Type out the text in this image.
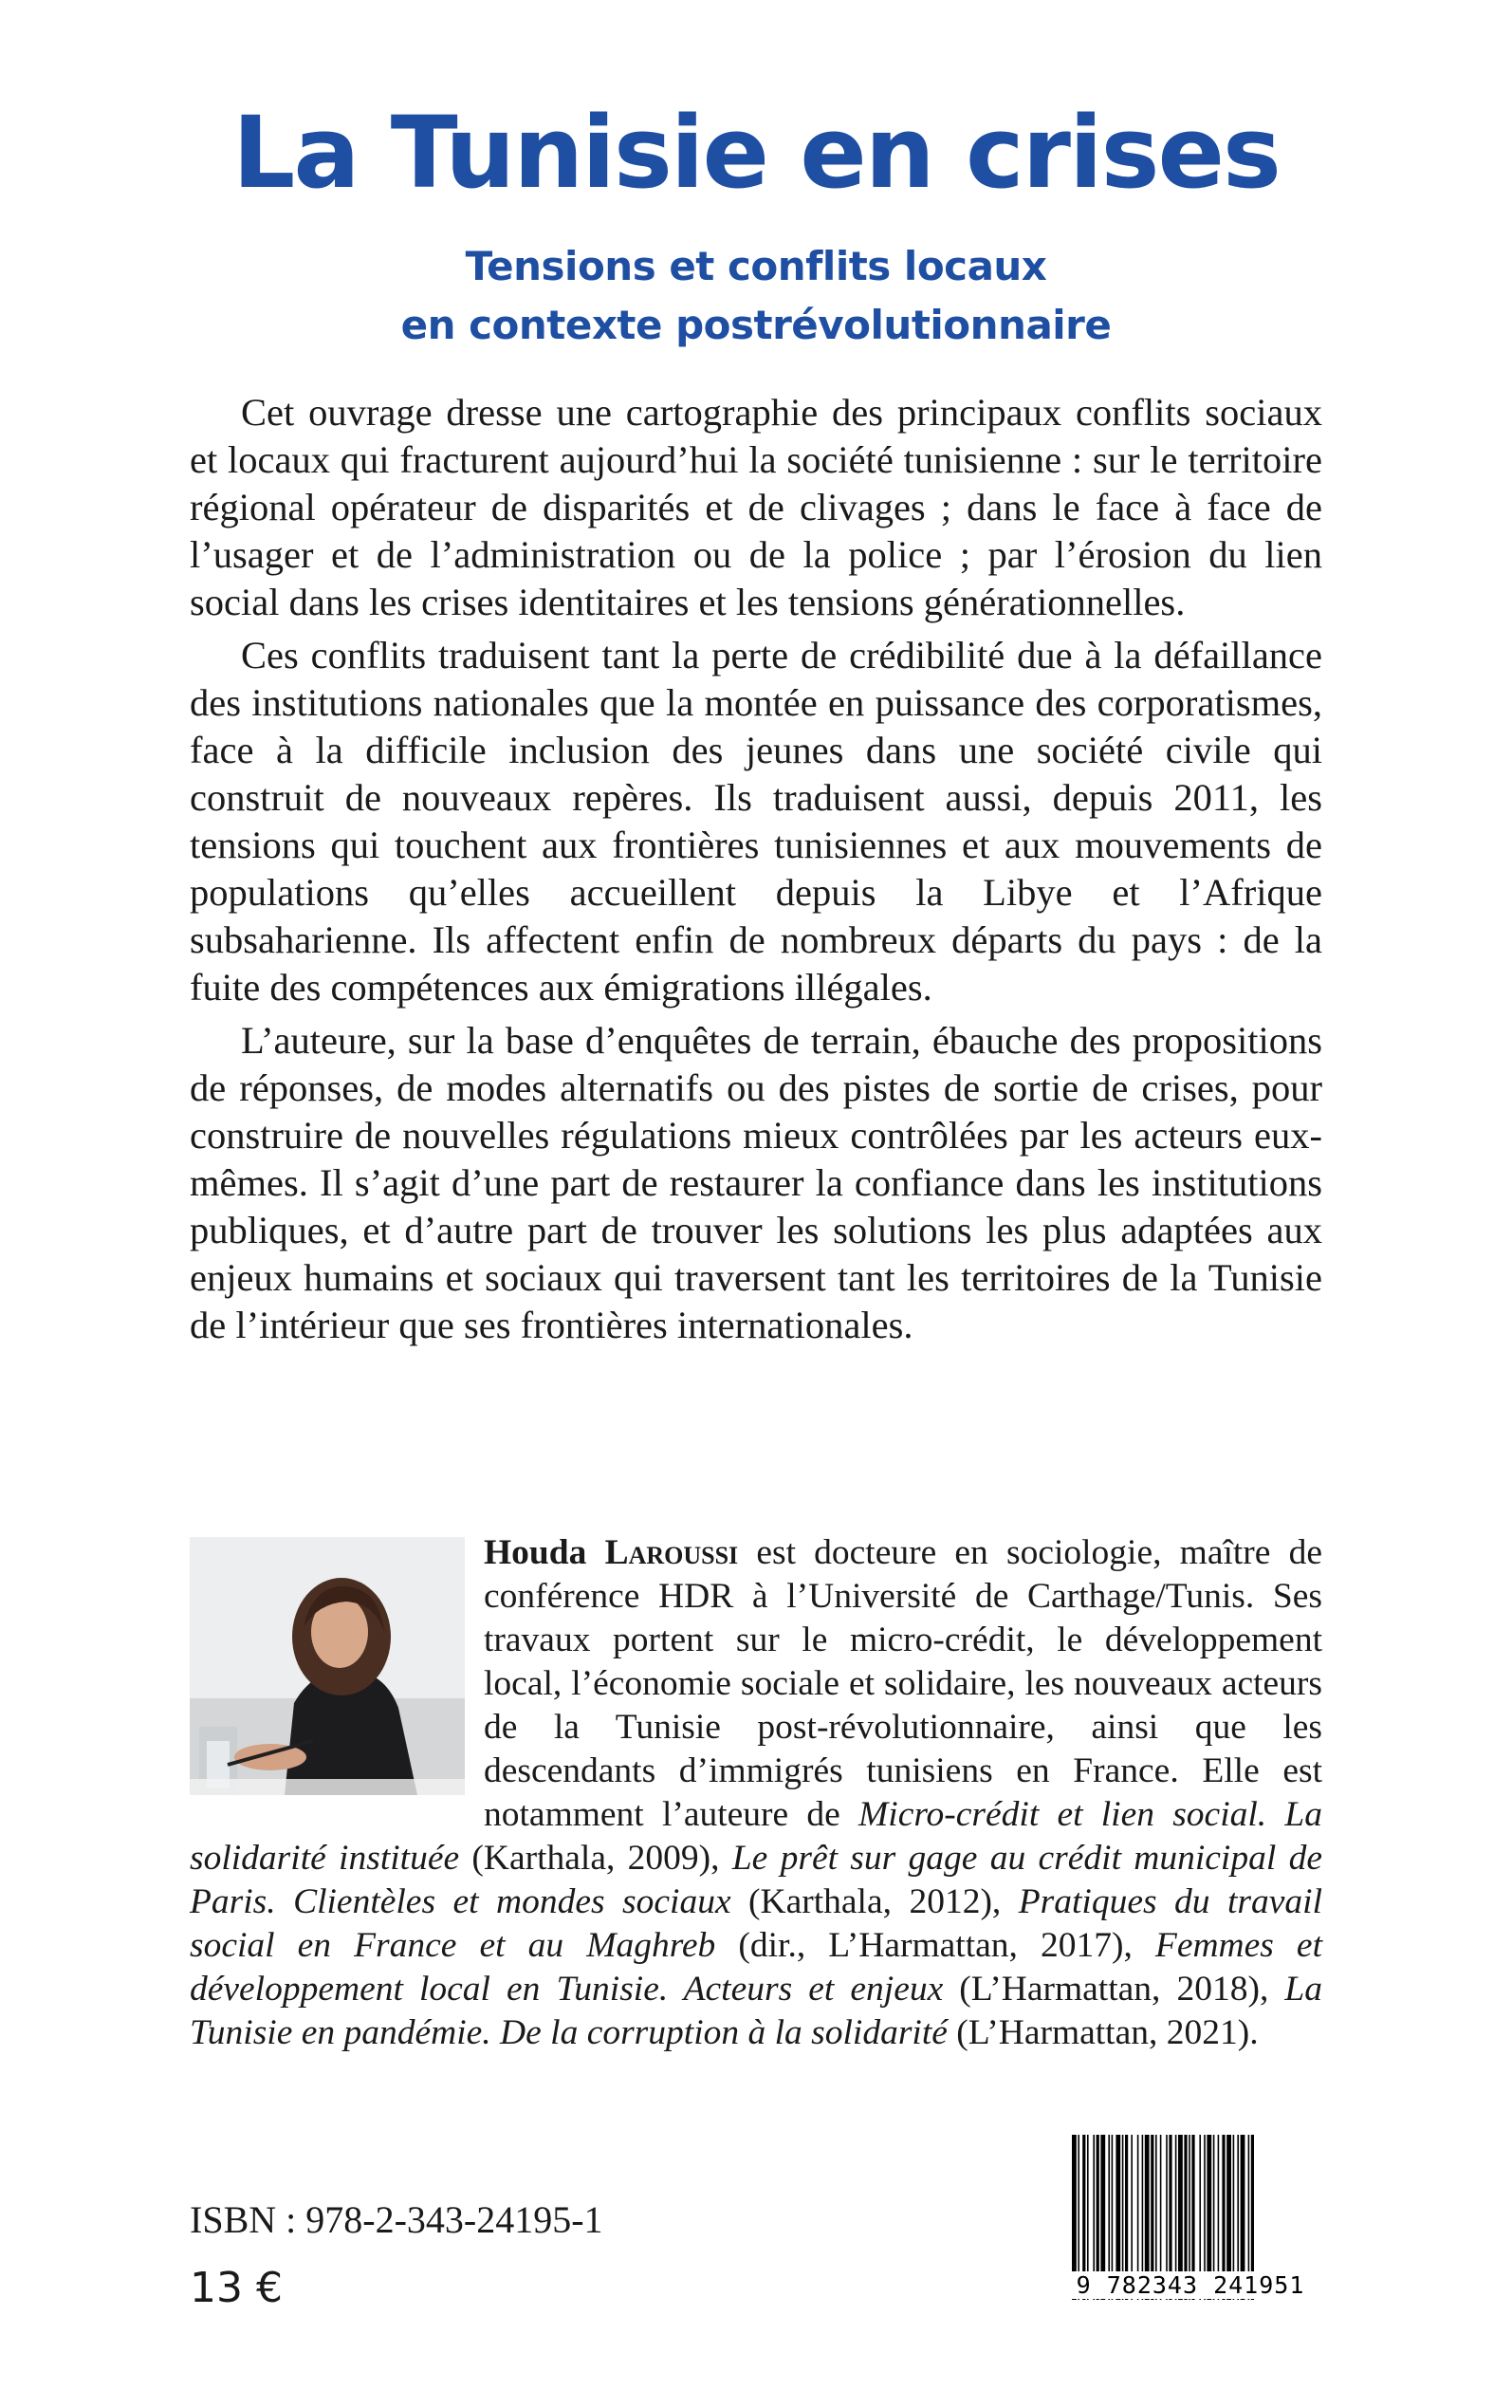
La Tunisie en crises
Tensions et conflits locaux
en contexte postrévolutionnaire

Cet ouvrage dresse une cartographie des principaux conflits sociaux et locaux qui fracturent aujourd’hui la société tunisienne : sur le territoire régional opérateur de disparités et de clivages ; dans le face à face de l’usager et de l’administration ou de la police ; par l’érosion du lien social dans les crises identitaires et les tensions générationnelles.

Ces conflits traduisent tant la perte de crédibilité due à la défaillance des institutions nationales que la montée en puissance des corporatismes, face à la difficile inclusion des jeunes dans une société civile qui construit de nouveaux repères. Ils traduisent aussi, depuis 2011, les tensions qui touchent aux frontières tunisiennes et aux mouvements de populations qu’elles accueillent depuis la Libye et l’Afrique subsaharienne. Ils affectent enfin de nombreux départs du pays : de la fuite des compétences aux émigrations illégales.

L’auteure, sur la base d’enquêtes de terrain, ébauche des propositions de réponses, de modes alternatifs ou des pistes de sortie de crises, pour construire de nouvelles régulations mieux contrôlées par les acteurs eux-mêmes. Il s’agit d’une part de restaurer la confiance dans les institutions publiques, et d’autre part de trouver les solutions les plus adaptées aux enjeux humains et sociaux qui traversent tant les territoires de la Tunisie de l’intérieur que ses frontières internationales.

Houda Laroussi est docteure en sociologie, maître de conférence HDR à l’Université de Carthage/Tunis. Ses travaux portent sur le micro-crédit, le développement local, l’économie sociale et solidaire, les nouveaux acteurs de la Tunisie post-révolutionnaire, ainsi que les descendants d’immigrés tunisiens en France. Elle est notamment l’auteure de Micro-crédit et lien social. La solidarité instituée (Karthala, 2009), Le prêt sur gage au crédit municipal de Paris. Clientèles et mondes sociaux (Karthala, 2012), Pratiques du travail social en France et au Maghreb (dir., L’Harmattan, 2017), Femmes et développement local en Tunisie. Acteurs et enjeux (L’Harmattan, 2018), La Tunisie en pandémie. De la corruption à la solidarité (L’Harmattan, 2021).
ISBN : 978-2-343-24195-1
13 €	9 782343 241951
